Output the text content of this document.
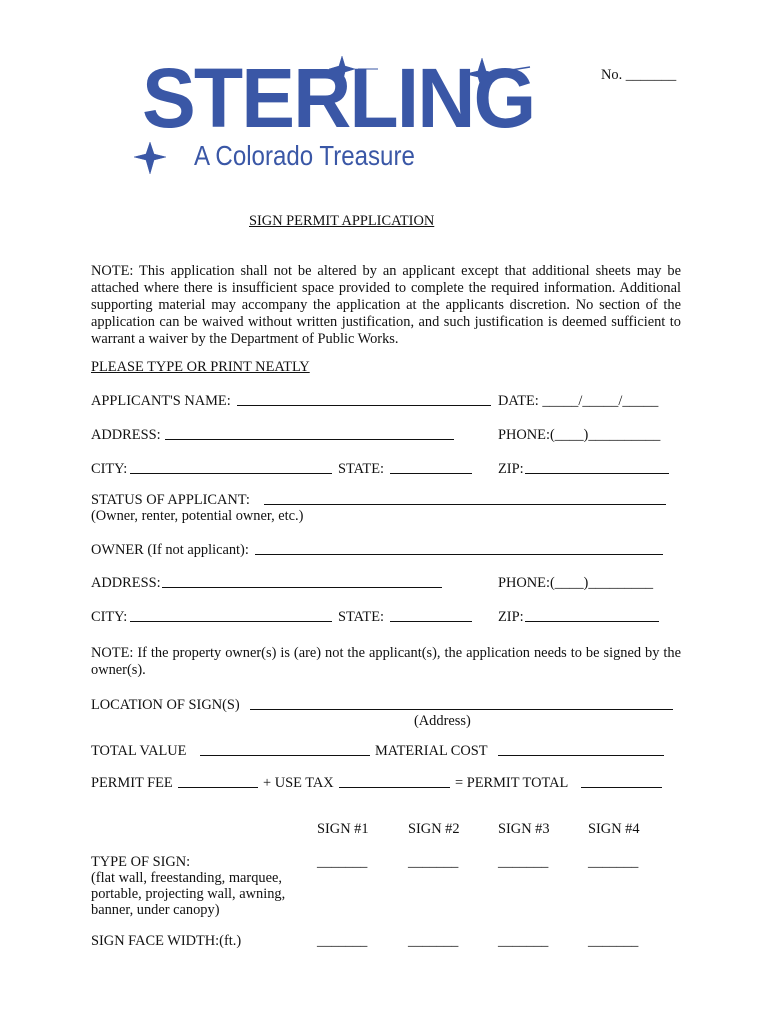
STERLING
A Colorado Treasure
No. _______
SIGN PERMIT APPLICATION
NOTE: This application shall not be altered by an applicant except that additional sheets may be attached where there is insufficient space provided to complete the required information. Additional supporting material may accompany the application at the applicants discretion. No section of the application can be waived without written justification, and such justification is deemed sufficient to warrant a waiver by the Department of Public Works.
PLEASE TYPE OR PRINT NEATLY
APPLICANT'S NAME:	DATE: _____/_____/_____
ADDRESS:	PHONE:(____)__________
CITY:	STATE:	ZIP:
STATUS OF APPLICANT:
(Owner, renter, potential owner, etc.)
OWNER (If not applicant):
ADDRESS:	PHONE:(____)_________
CITY:	STATE:	ZIP:
NOTE: If the property owner(s) is (are) not the applicant(s), the application needs to be signed by the owner(s).
LOCATION OF SIGN(S)
(Address)
TOTAL VALUE	MATERIAL COST
PERMIT FEE	+ USE TAX	= PERMIT TOTAL
SIGN #1	SIGN #2	SIGN #3	SIGN #4
TYPE OF SIGN:
(flat wall, freestanding, marquee,
portable, projecting wall, awning,
banner, under canopy)
_______	_______	_______	_______
SIGN FACE WIDTH:(ft.)	_______	_______	_______	_______
